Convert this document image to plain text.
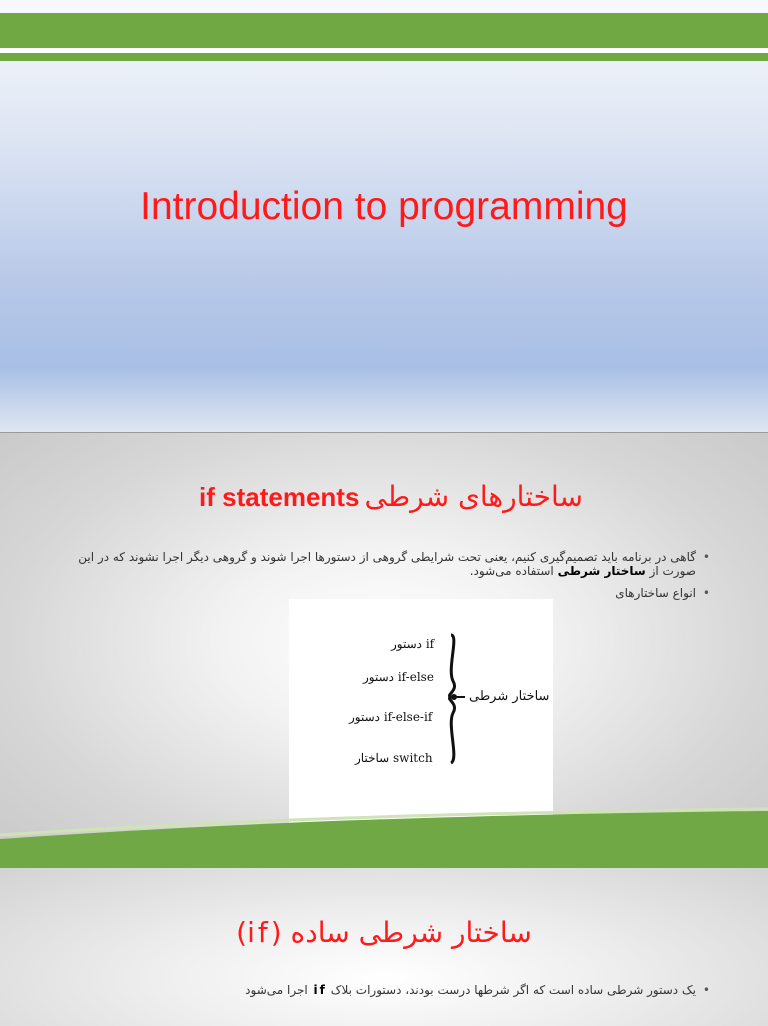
Introduction to programming
if statements ساختارهای شرطی
• گاهی در برنامه باید تصمیم‌گیری کنیم، یعنی تحت شرایطی گروهی از دستورها اجرا شوند و گروهی دیگر اجرا نشوند که در این صورت از ساختار شرطی استفاده می‌شود.
• انواع ساختارهای
دستور if
دستور if-else
دستور if-else-if
ساختار switch
ساختار شرطی
ساختار شرطی ساده (if)
• یک دستور شرطی ساده است که اگر شرطها درست بودند، دستورات بلاک if اجرا می‌شود
